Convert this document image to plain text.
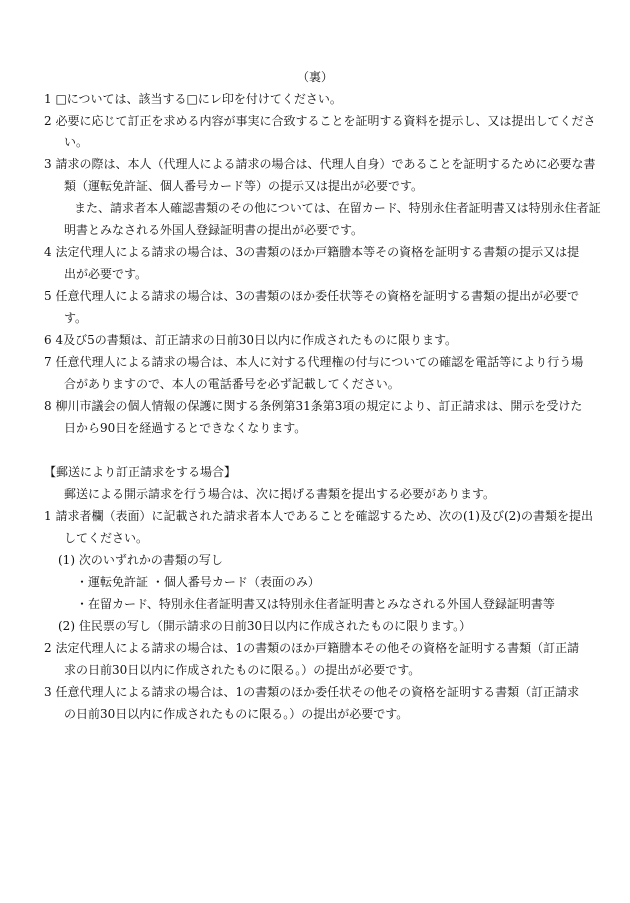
（裏）
1 □については、該当する□にレ印を付けてください。
2 必要に応じて訂正を求める内容が事実に合致することを証明する資料を提示し、又は提出してくださ
い。
3 請求の際は、本人（代理人による請求の場合は、代理人自身）であることを証明するために必要な書
類（運転免許証、個人番号カード等）の提示又は提出が必要です。
また、請求者本人確認書類のその他については、在留カード、特別永住者証明書又は特別永住者証
明書とみなされる外国人登録証明書の提出が必要です。
4 法定代理人による請求の場合は、3の書類のほか戸籍謄本等その資格を証明する書類の提示又は提
出が必要です。
5 任意代理人による請求の場合は、3の書類のほか委任状等その資格を証明する書類の提出が必要で
す。
6 4及び5の書類は、訂正請求の日前30日以内に作成されたものに限ります。
7 任意代理人による請求の場合は、本人に対する代理権の付与についての確認を電話等により行う場
合がありますので、本人の電話番号を必ず記載してください。
8 柳川市議会の個人情報の保護に関する条例第31条第3項の規定により、訂正請求は、開示を受けた
日から90日を経過するとできなくなります。
【郵送により訂正請求をする場合】
郵送による開示請求を行う場合は、次に掲げる書類を提出する必要があります。
1 請求者欄（表面）に記載された請求者本人であることを確認するため、次の(1)及び(2)の書類を提出
してください。
(1) 次のいずれかの書類の写し
・運転免許証 ・個人番号カード（表面のみ）
・在留カード、特別永住者証明書又は特別永住者証明書とみなされる外国人登録証明書等
(2) 住民票の写し（開示請求の日前30日以内に作成されたものに限ります。）
2 法定代理人による請求の場合は、1の書類のほか戸籍謄本その他その資格を証明する書類（訂正請
求の日前30日以内に作成されたものに限る。）の提出が必要です。
3 任意代理人による請求の場合は、1の書類のほか委任状その他その資格を証明する書類（訂正請求
の日前30日以内に作成されたものに限る。）の提出が必要です。
